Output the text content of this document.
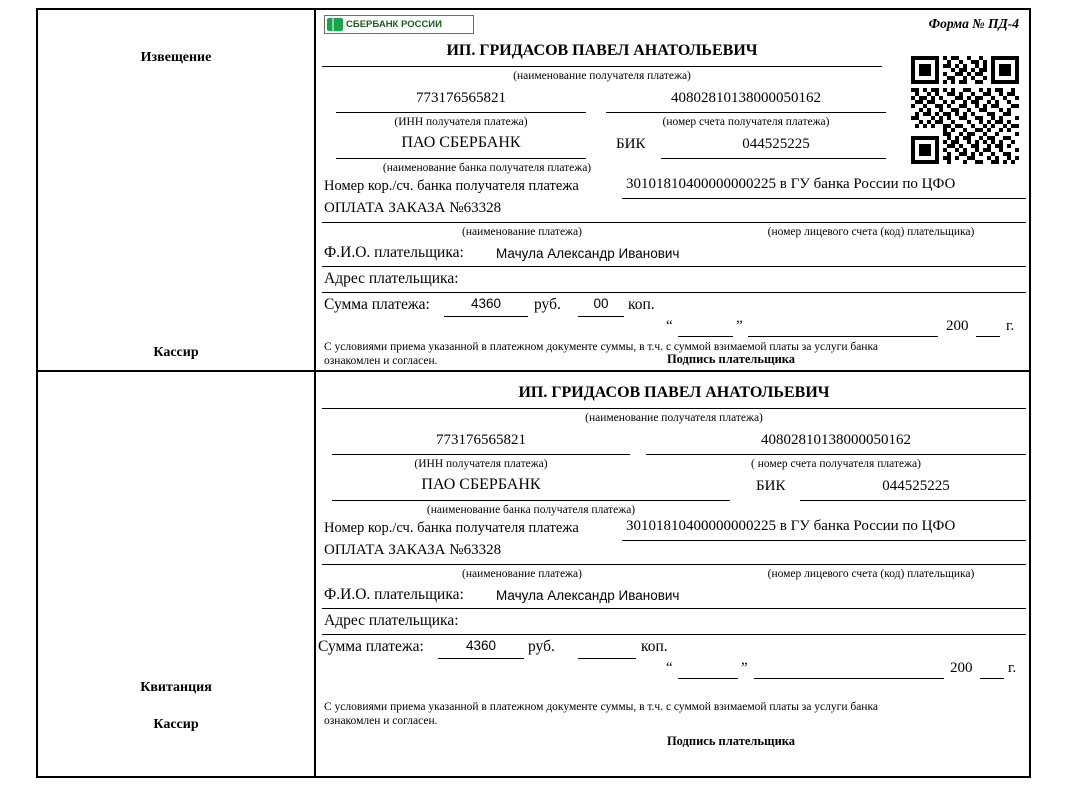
Извещение
Кассир
СБЕРБАНК РОССИИ	Форма № ПД-4
ИП. ГРИДАСОВ ПАВЕЛ АНАТОЛЬЕВИЧ
(наименование получателя платежа)
773176565821
(ИНН получателя платежа)
40802810138000050162
(номер счета получателя платежа)
ПАО СБЕРБАНК
(наименование банка получателя платежа)
БИК	044525225
Номер кор./сч. банка получателя платежа	30101810400000000225 в ГУ банка России по ЦФО
ОПЛАТА ЗАКАЗА №63328
(наименование платежа)	(номер лицевого счета (код) плательщика)
Ф.И.О. плательщика: Мачула Александр Иванович
Адрес плательщика:
Сумма платежа:	4360	руб.	00	коп.
“	”	200	г.
С условиями приема указанной в платежном документе суммы, в т.ч. с суммой взимаемой платы за услуги банка
ознакомлен и согласен.	Подпись плательщика
Квитанция
Кассир
ИП. ГРИДАСОВ ПАВЕЛ АНАТОЛЬЕВИЧ
(наименование получателя платежа)
773176565821
(ИНН получателя платежа)
40802810138000050162
( номер счета получателя платежа)
ПАО СБЕРБАНК
(наименование банка получателя платежа)
БИК	044525225
Номер кор./сч. банка получателя платежа	30101810400000000225 в ГУ банка России по ЦФО
ОПЛАТА ЗАКАЗА №63328
(наименование платежа)	(номер лицевого счета (код) плательщика)
Ф.И.О. плательщика: Мачула Александр Иванович
Адрес плательщика:
Сумма платежа:	4360	руб.	коп.
“	”	200 г.
С условиями приема указанной в платежном документе суммы, в т.ч. с суммой взимаемой платы за услуги банка
ознакомлен и согласен.
Подпись плательщика
